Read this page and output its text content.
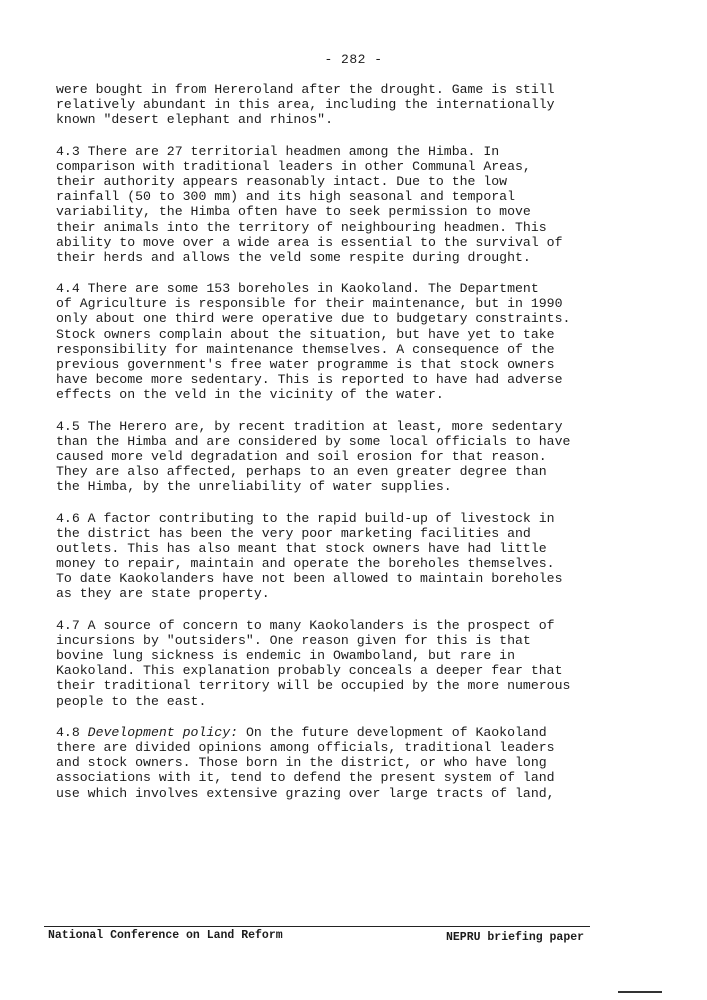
- 282 -
were bought in from Hereroland after the drought. Game is still
relatively abundant in this area, including the internationally
known "desert elephant and rhinos".
4.3 There are 27 territorial headmen among the Himba. In
comparison with traditional leaders in other Communal Areas,
their authority appears reasonably intact. Due to the low
rainfall (50 to 300 mm) and its high seasonal and temporal
variability, the Himba often have to seek permission to move
their animals into the territory of neighbouring headmen. This
ability to move over a wide area is essential to the survival of
their herds and allows the veld some respite during drought.
4.4 There are some 153 boreholes in Kaokoland. The Department
of Agriculture is responsible for their maintenance, but in 1990
only about one third were operative due to budgetary constraints.
Stock owners complain about the situation, but have yet to take
responsibility for maintenance themselves. A consequence of the
previous government's free water programme is that stock owners
have become more sedentary. This is reported to have had adverse
effects on the veld in the vicinity of the water.
4.5 The Herero are, by recent tradition at least, more sedentary
than the Himba and are considered by some local officials to have
caused more veld degradation and soil erosion for that reason.
They are also affected, perhaps to an even greater degree than
the Himba, by the unreliability of water supplies.
4.6 A factor contributing to the rapid build-up of livestock in
the district has been the very poor marketing facilities and
outlets. This has also meant that stock owners have had little
money to repair, maintain and operate the boreholes themselves.
To date Kaokolanders have not been allowed to maintain boreholes
as they are state property.
4.7 A source of concern to many Kaokolanders is the prospect of
incursions by "outsiders". One reason given for this is that
bovine lung sickness is endemic in Owamboland, but rare in
Kaokoland. This explanation probably conceals a deeper fear that
their traditional territory will be occupied by the more numerous
people to the east.
4.8 Development policy: On the future development of Kaokoland
there are divided opinions among officials, traditional leaders
and stock owners. Those born in the district, or who have long
associations with it, tend to defend the present system of land
use which involves extensive grazing over large tracts of land,
National Conference on Land Reform	NEPRU briefing paper
